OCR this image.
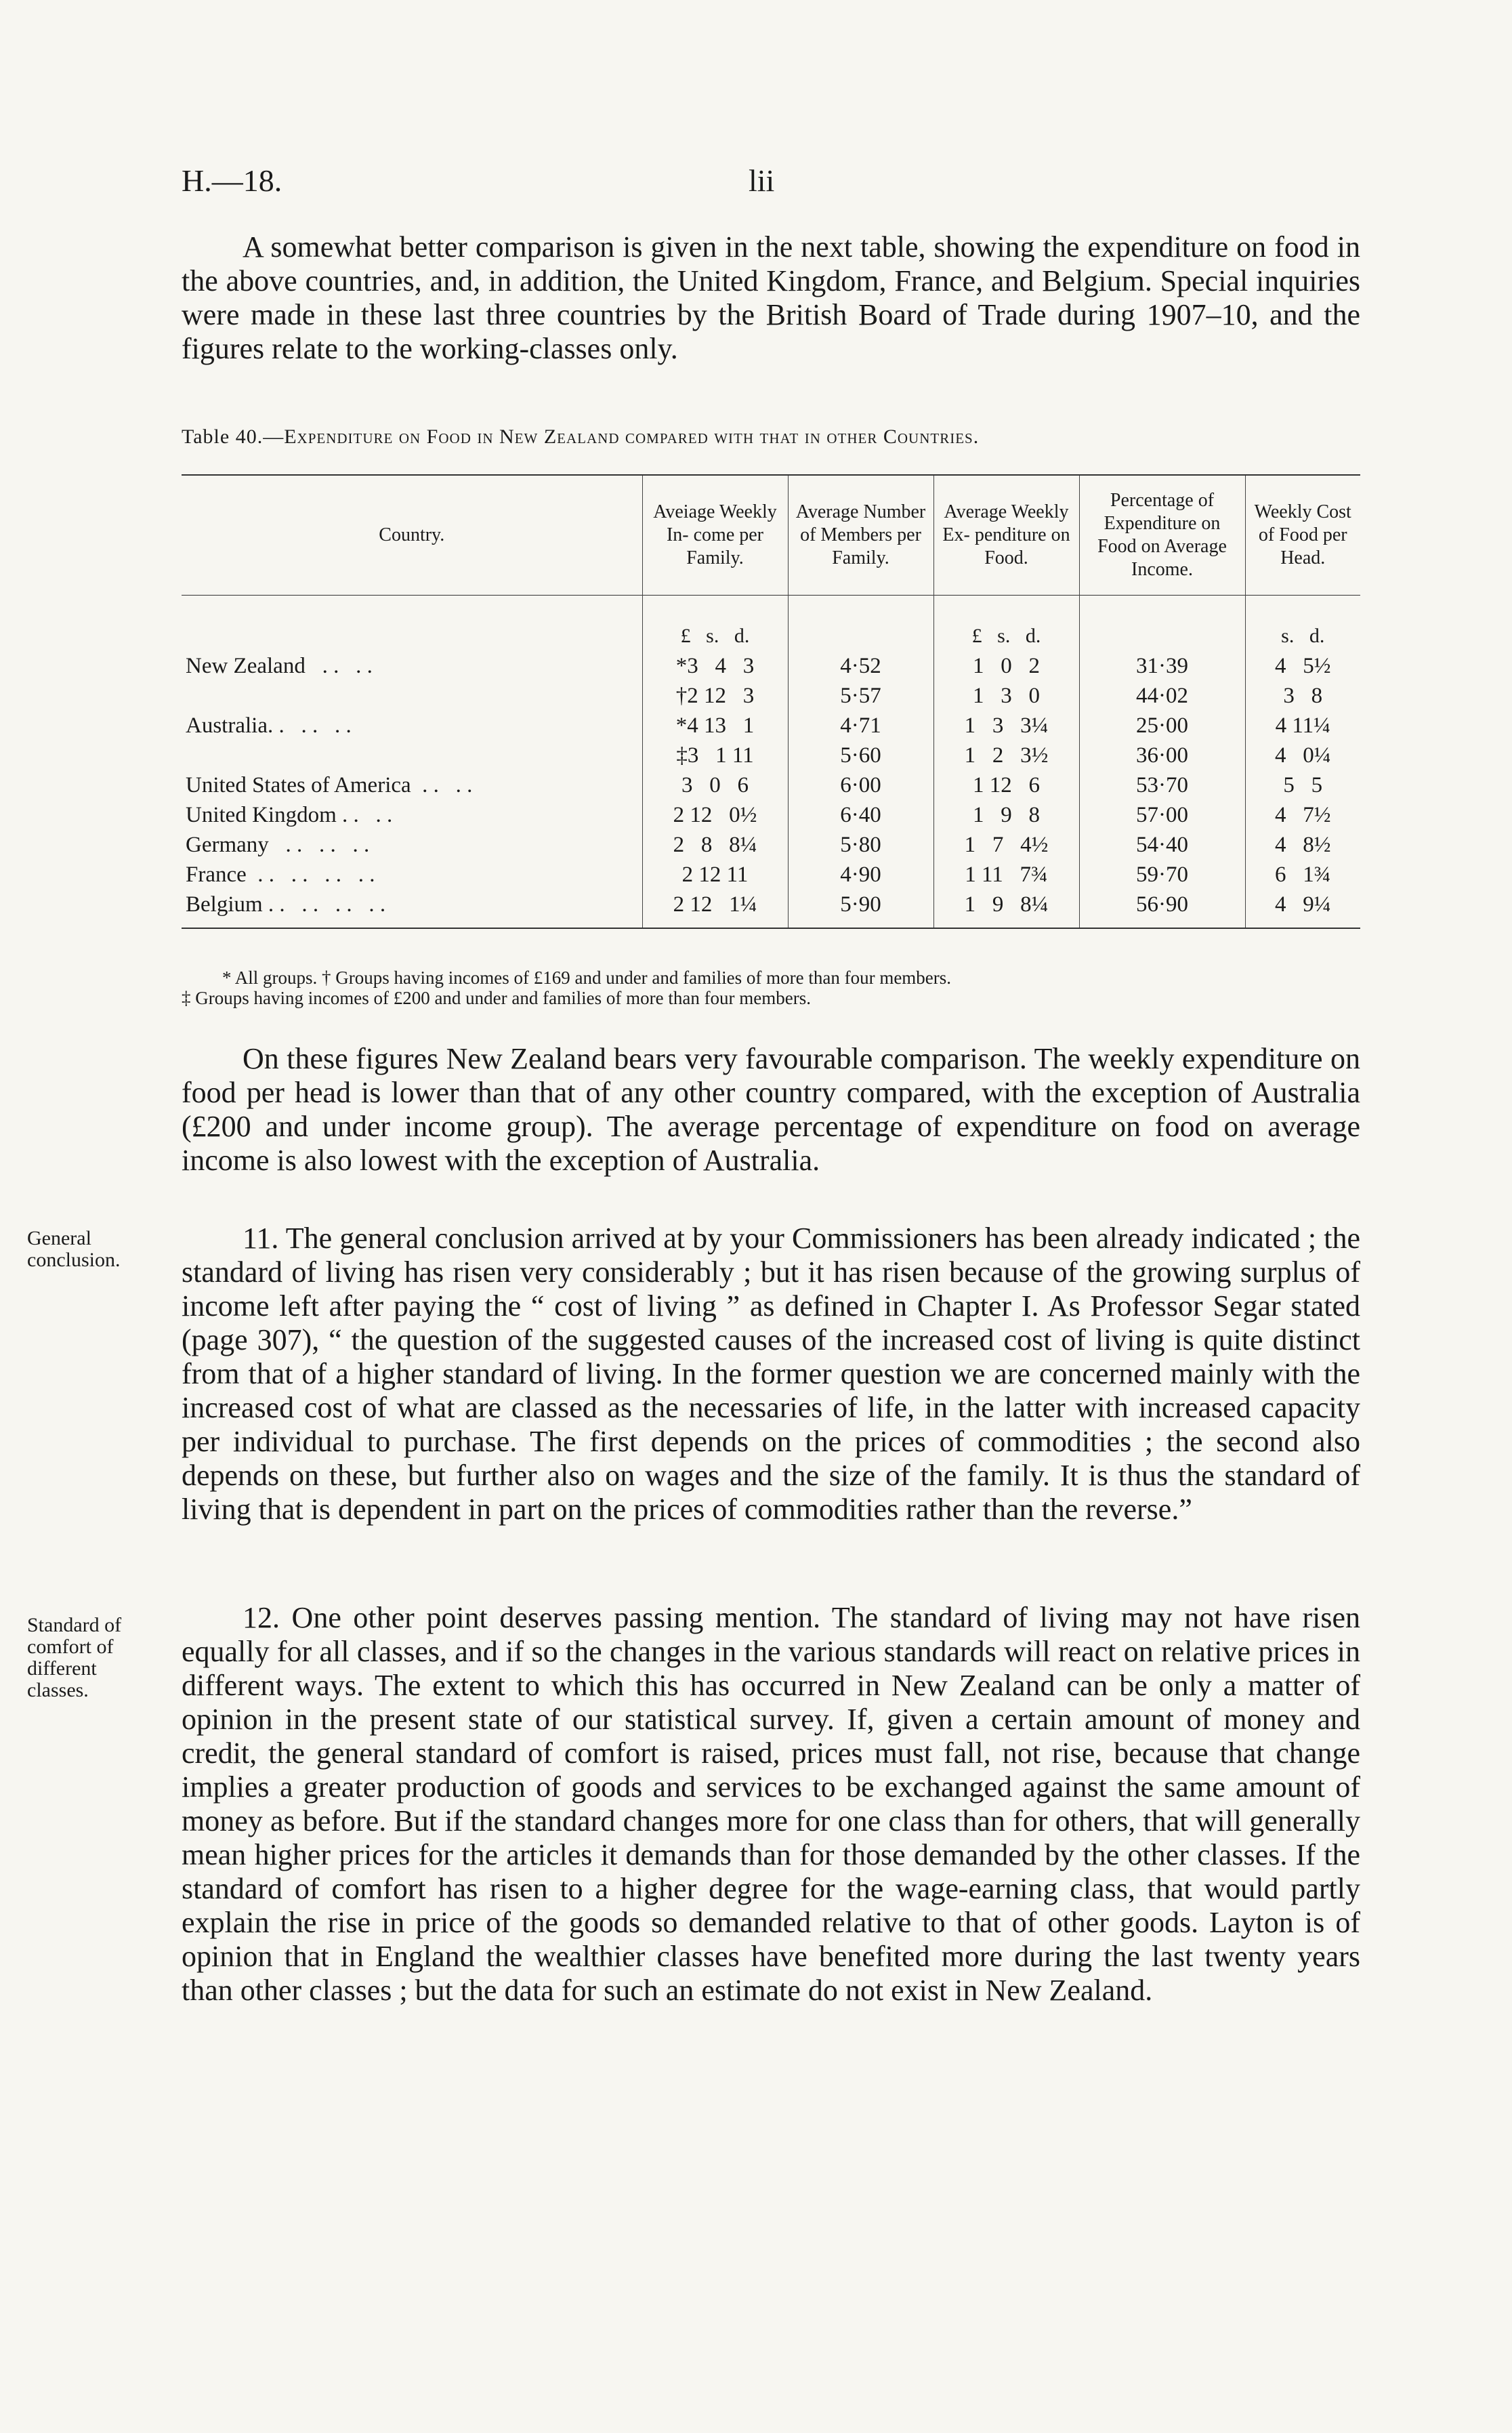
H.—18.	lii

A somewhat better comparison is given in the next table, showing the expenditure on food in the above countries, and, in addition, the United Kingdom, France, and Belgium. Special inquiries were made in these last three countries by the British Board of Trade during 1907–10, and the figures relate to the working-classes only.

Table 40.—Expenditure on Food in New Zealand compared with that in other Countries.
Country.	Aveiage Weekly In- come per Family.	Average Number of Members per Family.	Average Weekly Ex- penditure on Food.	Percentage of Expenditure on Food on Average Income.	Weekly Cost of Food per Head.
	£   s.   d.		£   s.   d.		s.   d.
New Zealand   . .   . .	*3   4   3	4·52	1   0   2	31·39	4   5½
	†2 12   3	5·57	1   3   0	44·02	3   8
Australia. .   . .   . .	*4 13   1	4·71	1   3   3¼	25·00	4 11¼
	‡3   1 11	5·60	1   2   3½	36·00	4   0¼
United States of America  . .   . .	3   0   6	6·00	1 12   6	53·70	5   5
United Kingdom . .   . .	2 12   0½	6·40	1   9   8	57·00	4   7½
Germany   . .   . .   . .	2   8   8¼	5·80	1   7   4½	54·40	4   8½
France  . .   . .   . .   . .	2 12 11	4·90	1 11   7¾	59·70	6   1¾
Belgium . .   . .   . .   . .	2 12   1¼	5·90	1   9   8¼	56·90	4   9¼

* All groups. † Groups having incomes of £169 and under and families of more than four members.
‡ Groups having incomes of £200 and under and families of more than four members.

On these figures New Zealand bears very favourable comparison. The weekly expenditure on food per head is lower than that of any other country compared, with the exception of Australia (£200 and under income group). The average percentage of expenditure on food on average income is also lowest with the exception of Australia.

General conclusion.

11. The general conclusion arrived at by your Commissioners has been already indicated ; the standard of living has risen very considerably ; but it has risen because of the growing surplus of income left after paying the “ cost of living ” as defined in Chapter I. As Professor Segar stated (page 307), “ the question of the suggested causes of the increased cost of living is quite distinct from that of a higher standard of living. In the former question we are concerned mainly with the increased cost of what are classed as the necessaries of life, in the latter with increased capacity per individual to purchase. The first depends on the prices of commodities ; the second also depends on these, but further also on wages and the size of the family. It is thus the standard of living that is dependent in part on the prices of commodities rather than the reverse.”

Standard of comfort of different classes.

12. One other point deserves passing mention. The standard of living may not have risen equally for all classes, and if so the changes in the various standards will react on relative prices in different ways. The extent to which this has occurred in New Zealand can be only a matter of opinion in the present state of our statistical survey. If, given a certain amount of money and credit, the general standard of comfort is raised, prices must fall, not rise, because that change implies a greater production of goods and services to be exchanged against the same amount of money as before. But if the standard changes more for one class than for others, that will generally mean higher prices for the articles it demands than for those demanded by the other classes. If the standard of comfort has risen to a higher degree for the wage-earning class, that would partly explain the rise in price of the goods so demanded relative to that of other goods. Layton is of opinion that in England the wealthier classes have benefited more during the last twenty years than other classes ; but the data for such an estimate do not exist in New Zealand.
